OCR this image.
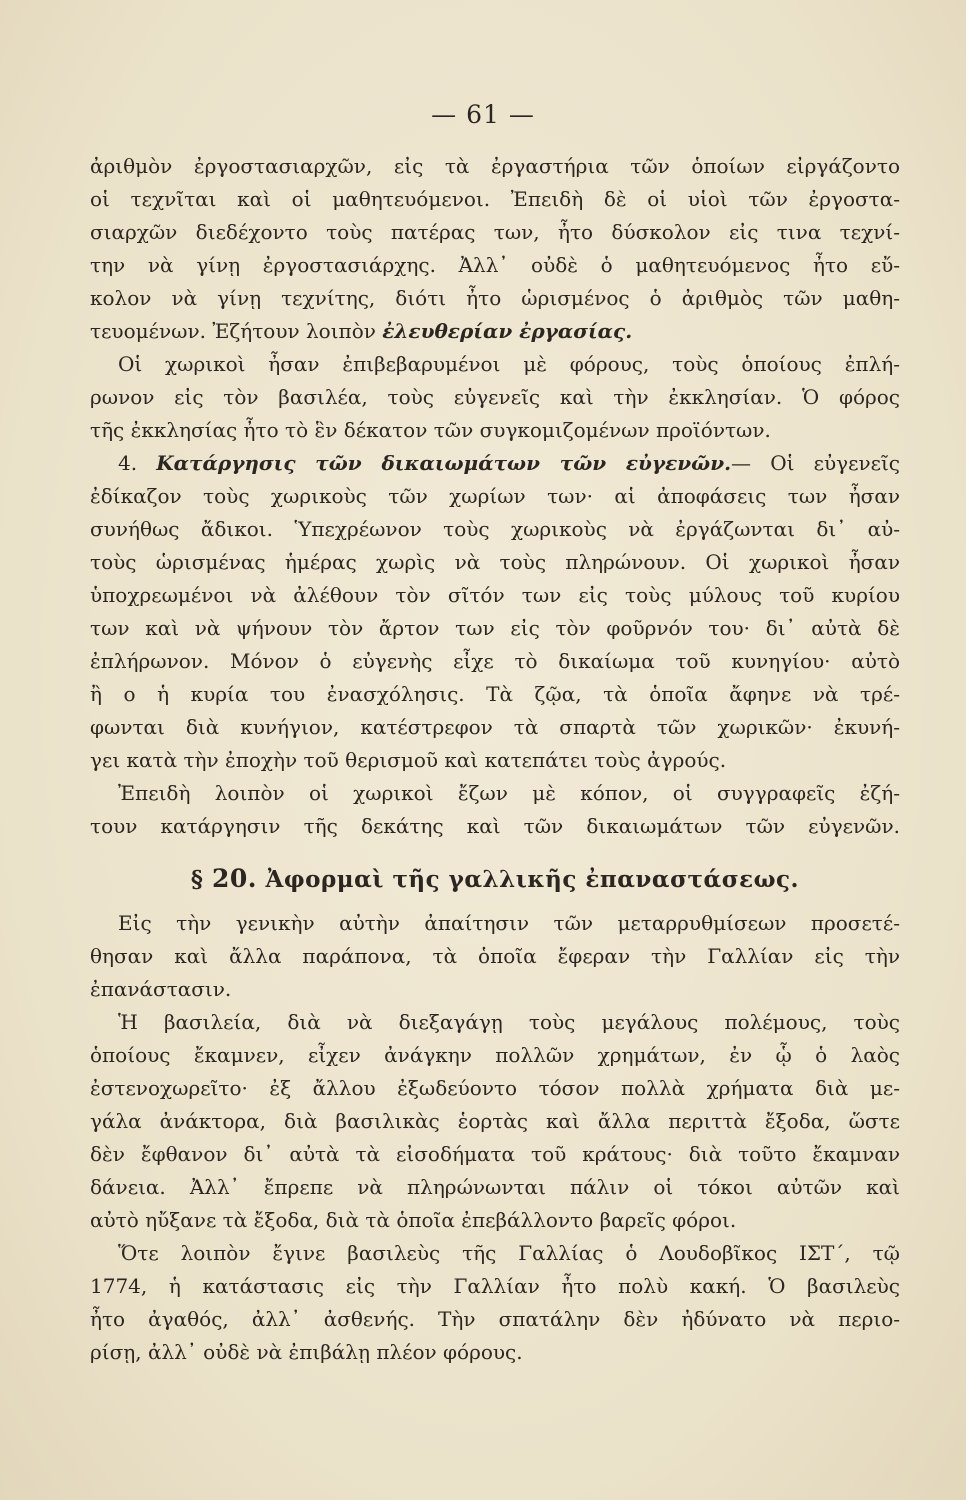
— 61 —
ἀριθμὸν ἐργοστασιαρχῶν, εἰς τὰ ἐργαστήρια τῶν ὁποίων εἰργάζοντο
οἱ τεχνῖται καὶ οἱ μαθητευόμενοι. Ἐπειδὴ δὲ οἱ υἱοὶ τῶν ἐργοστα-
σιαρχῶν διεδέχοντο τοὺς πατέρας των, ἦτο δύσκολον εἰς τινα τεχνί-
την νὰ γίνῃ ἐργοστασιάρχης. Ἀλλ᾿ οὐδὲ ὁ μαθητευόμενος ἦτο εὔ-
κολον νὰ γίνῃ τεχνίτης, διότι ἦτο ὡρισμένος ὁ ἀριθμὸς τῶν μαθη-
τευομένων. Ἐζήτουν λοιπὸν ἐλευθερίαν ἐργασίας.
Οἱ χωρικοὶ ἦσαν ἐπιβεβαρυμένοι μὲ φόρους, τοὺς ὁποίους ἐπλή-
ρωνον εἰς τὸν βασιλέα, τοὺς εὐγενεῖς καὶ τὴν ἐκκλησίαν. Ὁ φόρος
τῆς ἐκκλησίας ἦτο τὸ ἓν δέκατον τῶν συγκομιζομένων προϊόντων.
4. Κατάργησις τῶν δικαιωμάτων τῶν εὐγενῶν.— Οἱ εὐγενεῖς
ἐδίκαζον τοὺς χωρικοὺς τῶν χωρίων των· αἱ ἀποφάσεις των ἦσαν
συνήθως ἄδικοι. Ὑπεχρέωνον τοὺς χωρικοὺς νὰ ἐργάζωνται δι᾿ αὐ-
τοὺς ὡρισμένας ἡμέρας χωρὶς νὰ τοὺς πληρώνουν. Οἱ χωρικοὶ ἦσαν
ὑποχρεωμένοι νὰ ἀλέθουν τὸν σῖτόν των εἰς τοὺς μύλους τοῦ κυρίου
των καὶ νὰ ψήνουν τὸν ἄρτον των εἰς τὸν φοῦρνόν του· δι᾿ αὐτὰ δὲ
ἐπλήρωνον. Μόνον ὁ εὐγενὴς εἶχε τὸ δικαίωμα τοῦ κυνηγίου· αὐτὸ
ἢ ο ἡ κυρία του ἐνασχόλησις. Τὰ ζῷα, τὰ ὁποῖα ἄφηνε νὰ τρέ-
φωνται διὰ κυνήγιον, κατέστρεφον τὰ σπαρτὰ τῶν χωρικῶν· ἐκυνή-
γει κατὰ τὴν ἐποχὴν τοῦ θερισμοῦ καὶ κατεπάτει τοὺς ἀγρούς.
Ἐπειδὴ λοιπὸν οἱ χωρικοὶ ἔζων μὲ κόπον, οἱ συγγραφεῖς ἐζή-
τουν κατάργησιν τῆς δεκάτης καὶ τῶν δικαιωμάτων τῶν εὐγενῶν.
§ 20. Ἀφορμαὶ τῆς γαλλικῆς ἐπαναστάσεως.
Εἰς τὴν γενικὴν αὐτὴν ἀπαίτησιν τῶν μεταρρυθμίσεων προσετέ-
θησαν καὶ ἄλλα παράπονα, τὰ ὁποῖα ἔφεραν τὴν Γαλλίαν εἰς τὴν
ἐπανάστασιν.
Ἡ βασιλεία, διὰ νὰ διεξαγάγῃ τοὺς μεγάλους πολέμους, τοὺς
ὁποίους ἔκαμνεν, εἶχεν ἀνάγκην πολλῶν χρημάτων, ἐν ᾧ ὁ λαὸς
ἐστενοχωρεῖτο· ἐξ ἄλλου ἐξωδεύοντο τόσον πολλὰ χρήματα διὰ με-
γάλα ἀνάκτορα, διὰ βασιλικὰς ἑορτὰς καὶ ἄλλα περιττὰ ἔξοδα, ὥστε
δὲν ἔφθανον δι᾿ αὐτὰ τὰ εἰσοδήματα τοῦ κράτους· διὰ τοῦτο ἔκαμναν
δάνεια. Ἀλλ᾿ ἔπρεπε νὰ πληρώνωνται πάλιν οἱ τόκοι αὐτῶν καὶ
αὐτὸ ηὔξανε τὰ ἔξοδα, διὰ τὰ ὁποῖα ἐπεβάλλοντο βαρεῖς φόροι.
Ὅτε λοιπὸν ἔγινε βασιλεὺς τῆς Γαλλίας ὁ Λουδοβῖκος ΙΣΤ´, τῷ
1774, ἡ κατάστασις εἰς τὴν Γαλλίαν ἦτο πολὺ κακή. Ὁ βασιλεὺς
ἦτο ἀγαθός, ἀλλ᾿ ἀσθενής. Τὴν σπατάλην δὲν ἠδύνατο νὰ περιο-
ρίσῃ, ἀλλ᾿ οὐδὲ νὰ ἐπιβάλῃ πλέον φόρους.
